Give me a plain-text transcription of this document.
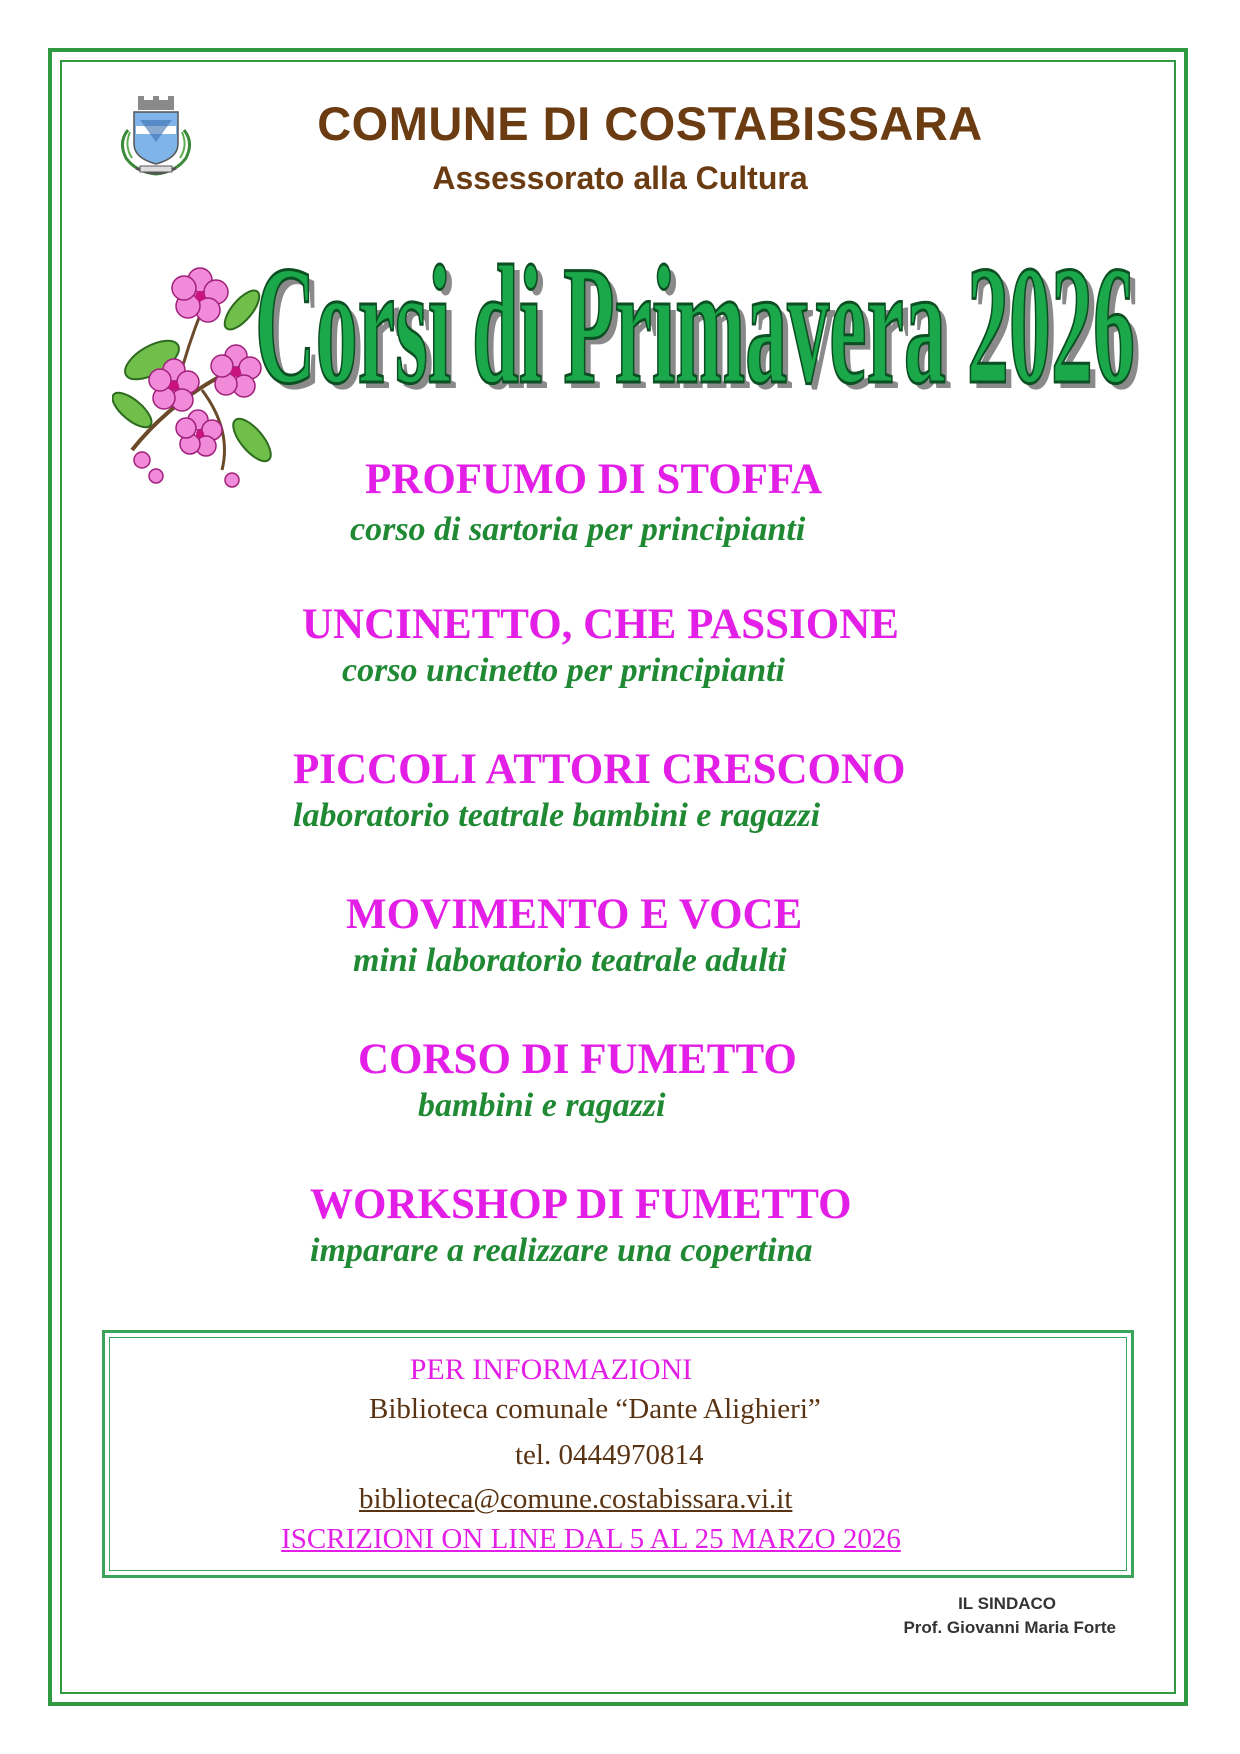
COMUNE DI COSTABISSARA
Assessorato alla Cultura
Corsi di Primavera 2026
Corsi di Primavera 2026
PROFUMO DI STOFFA
corso di sartoria per principianti
UNCINETTO, CHE PASSIONE
corso uncinetto per principianti
PICCOLI ATTORI CRESCONO
laboratorio teatrale bambini e ragazzi
MOVIMENTO E VOCE
mini laboratorio teatrale adulti
CORSO DI FUMETTO
bambini e ragazzi
WORKSHOP DI FUMETTO
imparare a realizzare una copertina
PER INFORMAZIONI
Biblioteca comunale “Dante Alighieri”
tel. 0444970814
biblioteca@comune.costabissara.vi.it
ISCRIZIONI ON LINE DAL 5 AL 25 MARZO 2026
IL SINDACO
Prof. Giovanni Maria Forte
